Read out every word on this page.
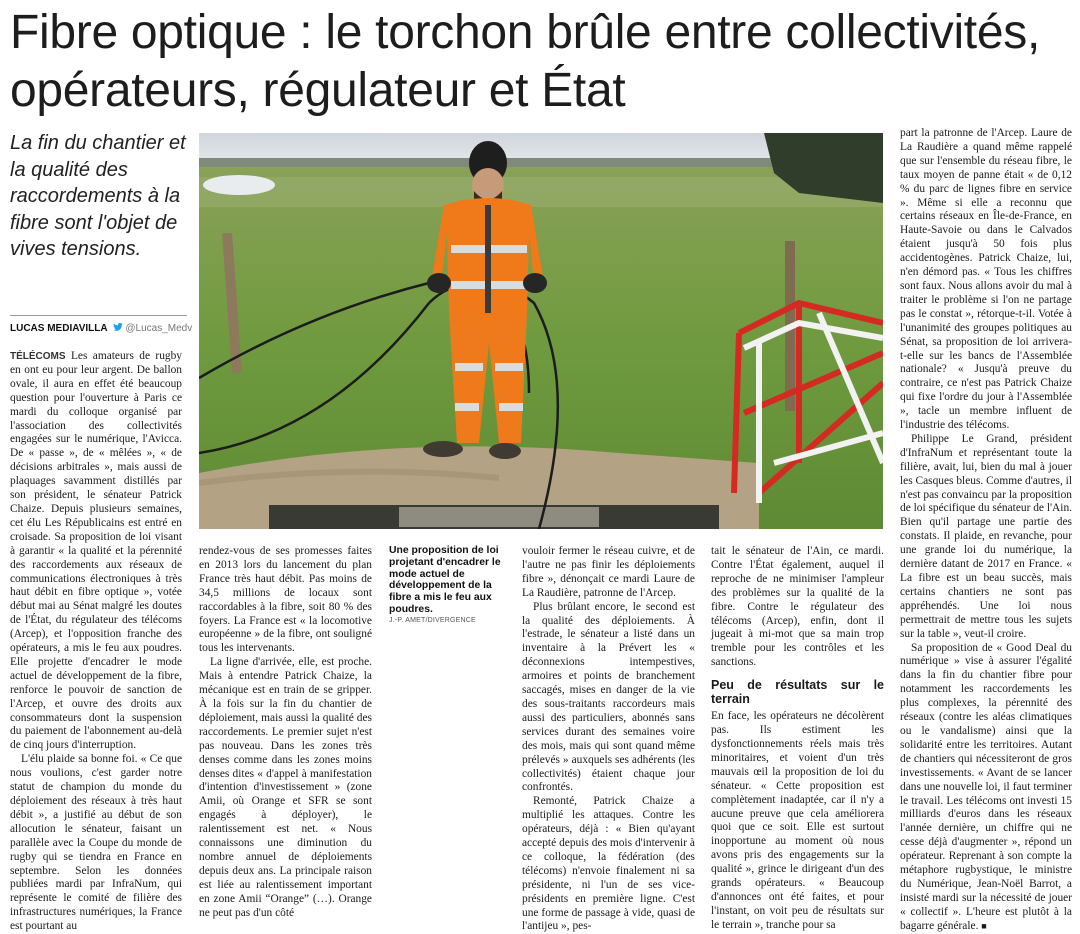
Fibre optique : le torchon brûle entre collectivités, opérateurs, régulateur et État
La fin du chantier et la qualité des raccordements à la fibre sont l'objet de vives tensions.
LUCAS MEDIAVILLA @Lucas_Medv
Une proposition de loi projetant d'encadrer le mode actuel de développement de la fibre a mis le feu aux poudres.
J.-P. AMET/DIVERGENCE

TÉLÉCOMS Les amateurs de rugby en ont eu pour leur argent. De ballon ovale, il aura en effet été beaucoup question pour l'ouverture à Paris ce mardi du colloque organisé par l'association des collectivités engagées sur le numérique, l'Avicca. De « passe », de « mêlées », « de décisions arbitrales », mais aussi de plaquages savamment distillés par son président, le sénateur Patrick Chaize. Depuis plusieurs semaines, cet élu Les Républicains est entré en croisade. Sa proposition de loi visant à garantir « la qualité et la pérennité des raccordements aux réseaux de communications électroniques à très haut débit en fibre optique », votée début mai au Sénat malgré les doutes de l'État, du régulateur des télécoms (Arcep), et l'opposition franche des opérateurs, a mis le feu aux poudres. Elle projette d'encadrer le mode actuel de développement de la fibre, renforce le pouvoir de sanction de l'Arcep, et ouvre des droits aux consommateurs dont la suspension du paiement de l'abonnement au-delà de cinq jours d'interruption.

L'élu plaide sa bonne foi. « Ce que nous voulions, c'est garder notre statut de champion du monde du déploiement des réseaux à très haut débit », a justifié au début de son allocution le sénateur, faisant un parallèle avec la Coupe du monde de rugby qui se tiendra en France en septembre. Selon les données publiées mardi par InfraNum, qui représente le comité de filière des infrastructures numériques, la France est pourtant au

rendez-vous de ses promesses faites en 2013 lors du lancement du plan France très haut débit. Pas moins de 34,5 millions de locaux sont raccordables à la fibre, soit 80 % des foyers. La France est « la locomotive européenne » de la fibre, ont souligné tous les intervenants.

La ligne d'arrivée, elle, est proche. Mais à entendre Patrick Chaize, la mécanique est en train de se gripper. À la fois sur la fin du chantier de déploiement, mais aussi la qualité des raccordements. Le premier sujet n'est pas nouveau. Dans les zones très denses comme dans les zones moins denses dites « d'appel à manifestation d'intention d'investissement » (zone Amii, où Orange et SFR se sont engagés à déployer), le ralentissement est net. « Nous connaissons une diminution du nombre annuel de déploiements depuis deux ans. La principale raison est liée au ralentissement important en zone Amii “Orange” (…). Orange ne peut pas d'un côté

vouloir fermer le réseau cuivre, et de l'autre ne pas finir les déploiements fibre », dénonçait ce mardi Laure de La Raudière, patronne de l'Arcep.

Plus brûlant encore, le second est la qualité des déploiements. À l'estrade, le sénateur a listé dans un inventaire à la Prévert les « déconnexions intempestives, armoires et points de branchement saccagés, mises en danger de la vie des sous-traitants raccordeurs mais aussi des particuliers, abonnés sans services durant des semaines voire des mois, mais qui sont quand même prélevés » auxquels ses adhérents (les collectivités) étaient chaque jour confrontés.

Remonté, Patrick Chaize a multiplié les attaques. Contre les opérateurs, déjà : « Bien qu'ayant accepté depuis des mois d'intervenir à ce colloque, la fédération (des télécoms) n'envoie finalement ni sa présidente, ni l'un de ses vice-présidents en première ligne. C'est une forme de passage à vide, quasi de l'antijeu », pes-

tait le sénateur de l'Ain, ce mardi. Contre l'État également, auquel il reproche de ne minimiser l'ampleur des problèmes sur la qualité de la fibre. Contre le régulateur des télécoms (Arcep), enfin, dont il jugeait à mi-mot que sa main trop tremble pour les contrôles et les sanctions.

Peu de résultats sur le terrain

En face, les opérateurs ne décolèrent pas. Ils estiment les dysfonctionnements réels mais très minoritaires, et voient d'un très mauvais œil la proposition de loi du sénateur. « Cette proposition est complètement inadaptée, car il n'y a aucune preuve que cela améliorera quoi que ce soit. Elle est surtout inopportune au moment où nous avons pris des engagements sur la qualité », grince le dirigeant d'un des grands opérateurs. « Beaucoup d'annonces ont été faites, et pour l'instant, on voit peu de résultats sur le terrain », tranche pour sa

part la patronne de l'Arcep. Laure de La Raudière a quand même rappelé que sur l'ensemble du réseau fibre, le taux moyen de panne était « de 0,12 % du parc de lignes fibre en service ». Même si elle a reconnu que certains réseaux en Île-de-France, en Haute-Savoie ou dans le Calvados étaient jusqu'à 50 fois plus accidentogènes. Patrick Chaize, lui, n'en démord pas. « Tous les chiffres sont faux. Nous allons avoir du mal à traiter le problème si l'on ne partage pas le constat », rétorque-t-il. Votée à l'unanimité des groupes politiques au Sénat, sa proposition de loi arrivera-t-elle sur les bancs de l'Assemblée nationale? « Jusqu'à preuve du contraire, ce n'est pas Patrick Chaize qui fixe l'ordre du jour à l'Assemblée », tacle un membre influent de l'industrie des télécoms.

Philippe Le Grand, président d'InfraNum et représentant toute la filière, avait, lui, bien du mal à jouer les Casques bleus. Comme d'autres, il n'est pas convaincu par la proposition de loi spécifique du sénateur de l'Ain. Bien qu'il partage une partie des constats. Il plaide, en revanche, pour une grande loi du numérique, la dernière datant de 2017 en France. « La fibre est un beau succès, mais certains chantiers ne sont pas appréhendés. Une loi nous permettrait de mettre tous les sujets sur la table », veut-il croire.

Sa proposition de « Good Deal du numérique » vise à assurer l'égalité dans la fin du chantier fibre pour notamment les raccordements les plus complexes, la pérennité des réseaux (contre les aléas climatiques ou le vandalisme) ainsi que la solidarité entre les territoires. Autant de chantiers qui nécessiteront de gros investissements. « Avant de se lancer dans une nouvelle loi, il faut terminer le travail. Les télécoms ont investi 15 milliards d'euros dans les réseaux l'année dernière, un chiffre qui ne cesse déjà d'augmenter », répond un opérateur. Reprenant à son compte la métaphore rugbystique, le ministre du Numérique, Jean-Noël Barrot, a insisté mardi sur la nécessité de jouer « collectif ». L'heure est plutôt à la bagarre générale. ■
